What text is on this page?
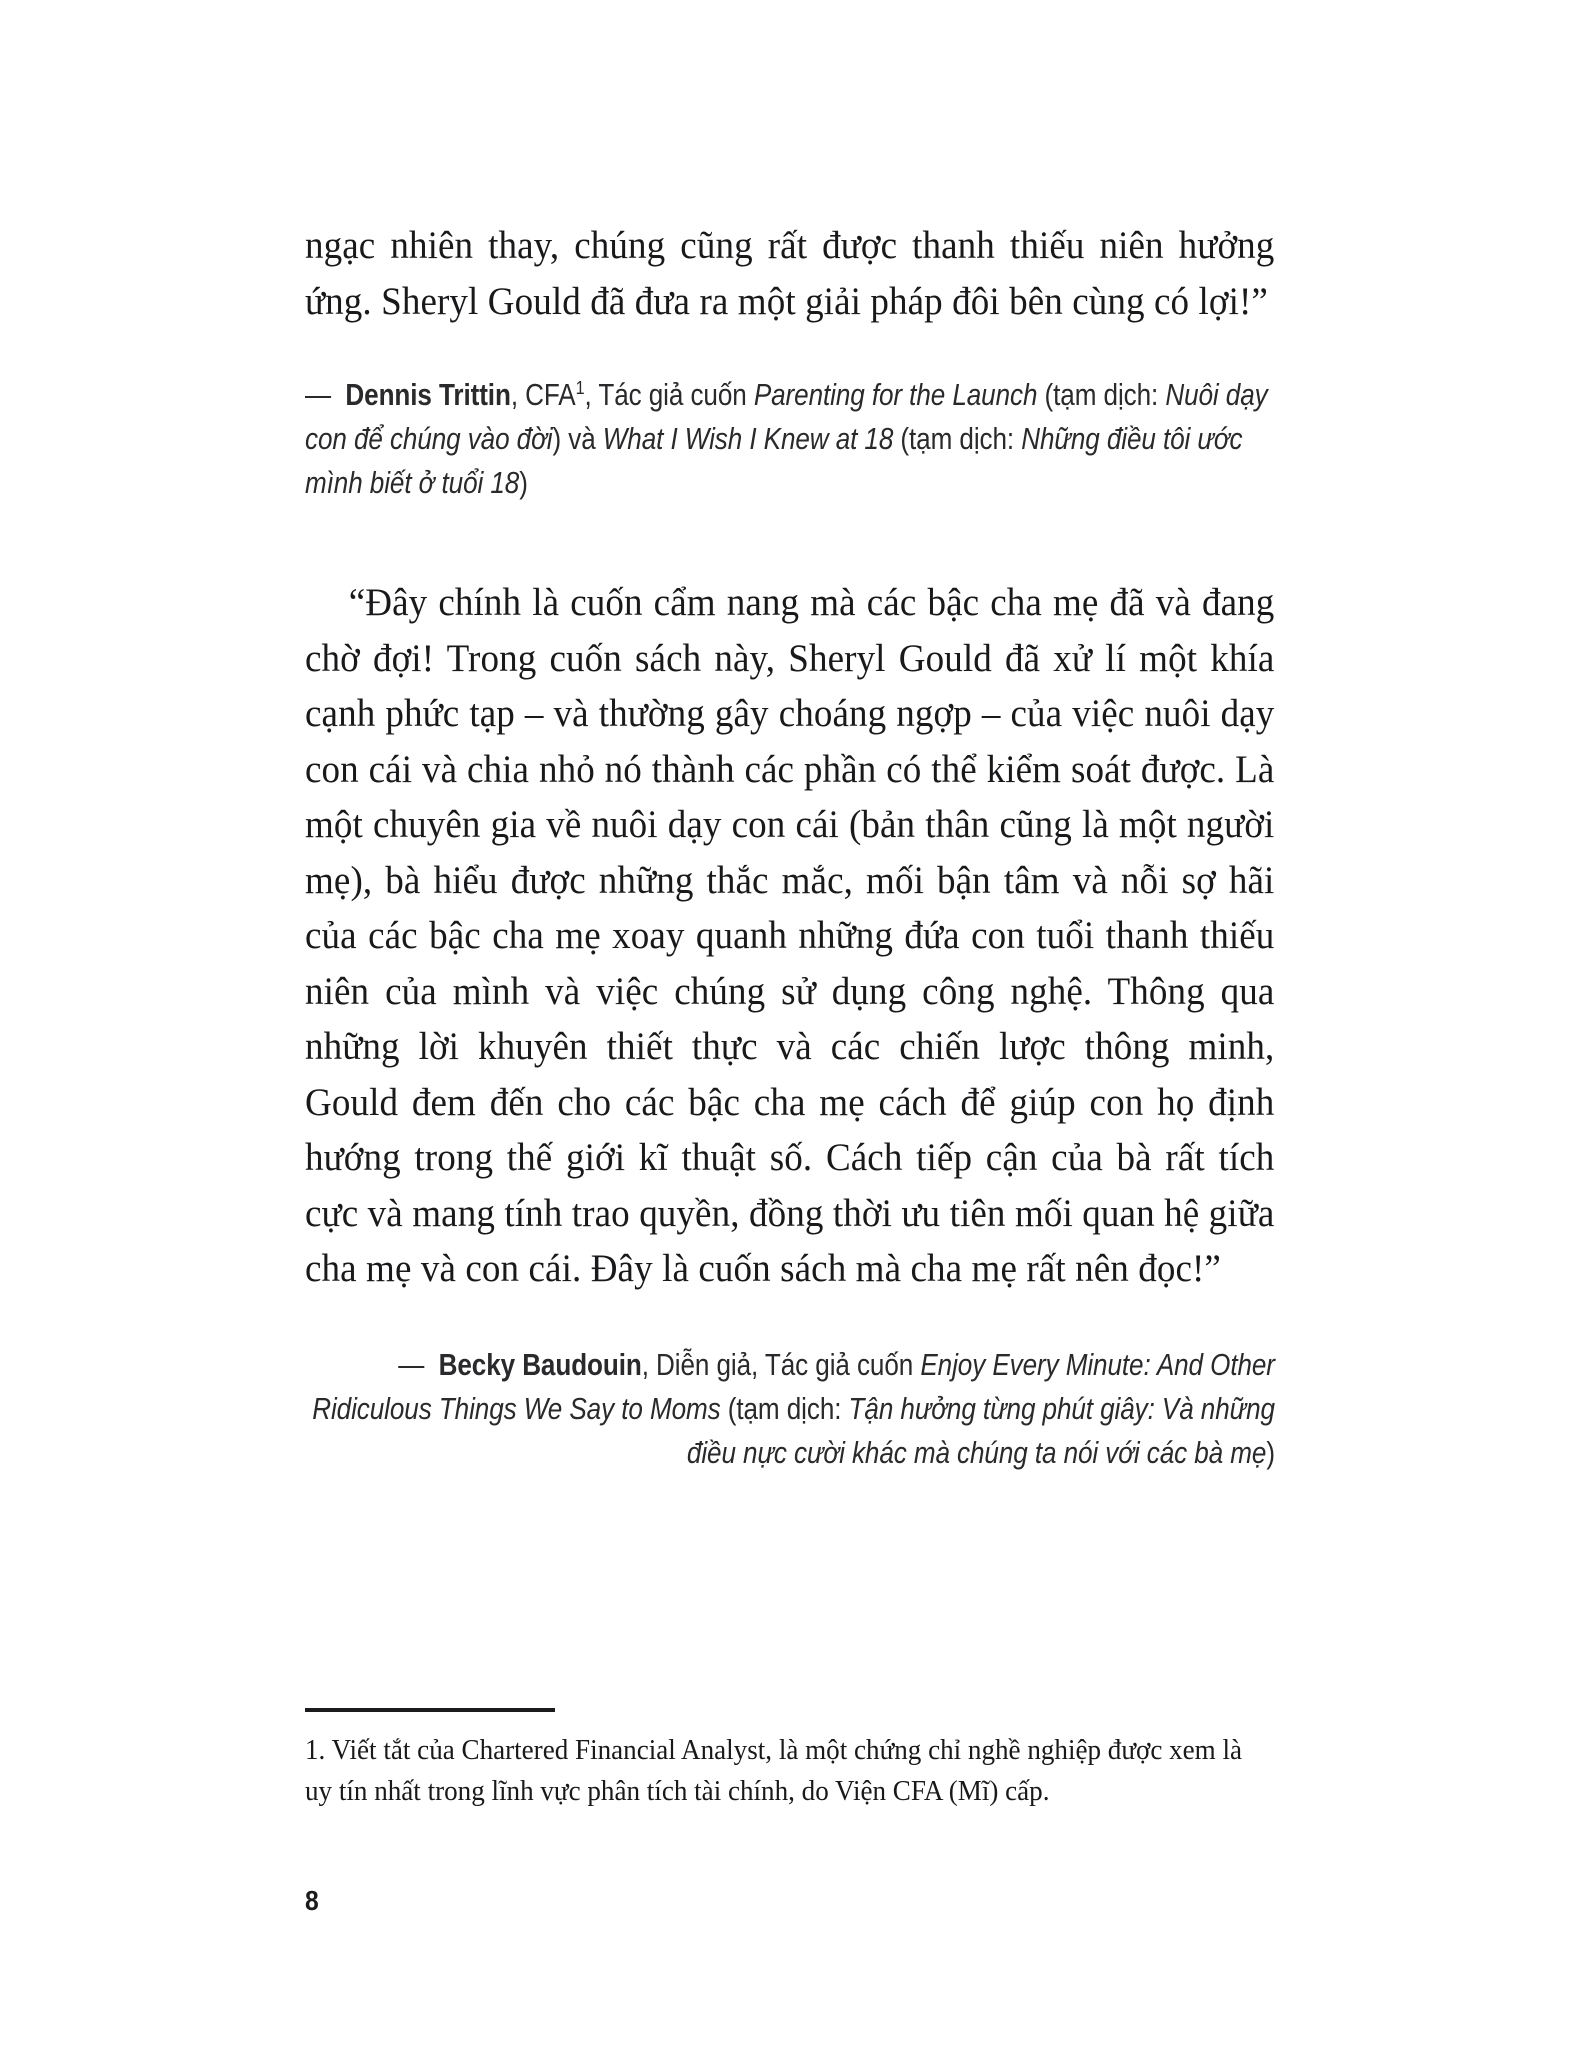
ngạc nhiên thay, chúng cũng rất được thanh thiếu niên hưởng ứng. Sheryl Gould đã đưa ra một giải pháp đôi bên cùng có lợi!”

— Dennis Trittin, CFA$^1$, Tác giả cuốn Parenting for the Launch (tạm dịch: Nuôi dạy con để chúng vào đời) và What I Wish I Knew at 18 (tạm dịch: Những điều tôi ước mình biết ở tuổi 18)

“Đây chính là cuốn cẩm nang mà các bậc cha mẹ đã và đang chờ đợi! Trong cuốn sách này, Sheryl Gould đã xử lí một khía cạnh phức tạp – và thường gây choáng ngợp – của việc nuôi dạy con cái và chia nhỏ nó thành các phần có thể kiểm soát được. Là một chuyên gia về nuôi dạy con cái (bản thân cũng là một người mẹ), bà hiểu được những thắc mắc, mối bận tâm và nỗi sợ hãi của các bậc cha mẹ xoay quanh những đứa con tuổi thanh thiếu niên của mình và việc chúng sử dụng công nghệ. Thông qua những lời khuyên thiết thực và các chiến lược thông minh, Gould đem đến cho các bậc cha mẹ cách để giúp con họ định hướng trong thế giới kĩ thuật số. Cách tiếp cận của bà rất tích cực và mang tính trao quyền, đồng thời ưu tiên mối quan hệ giữa cha mẹ và con cái. Đây là cuốn sách mà cha mẹ rất nên đọc!”

— Becky Baudouin, Diễn giả, Tác giả cuốn Enjoy Every Minute: And Other Ridiculous Things We Say to Moms (tạm dịch: Tận hưởng từng phút giây: Và những điều nực cười khác mà chúng ta nói với các bà mẹ)

1. Viết tắt của Chartered Financial Analyst, là một chứng chỉ nghề nghiệp được xem là uy tín nhất trong lĩnh vực phân tích tài chính, do Viện CFA (Mĩ) cấp.

8
